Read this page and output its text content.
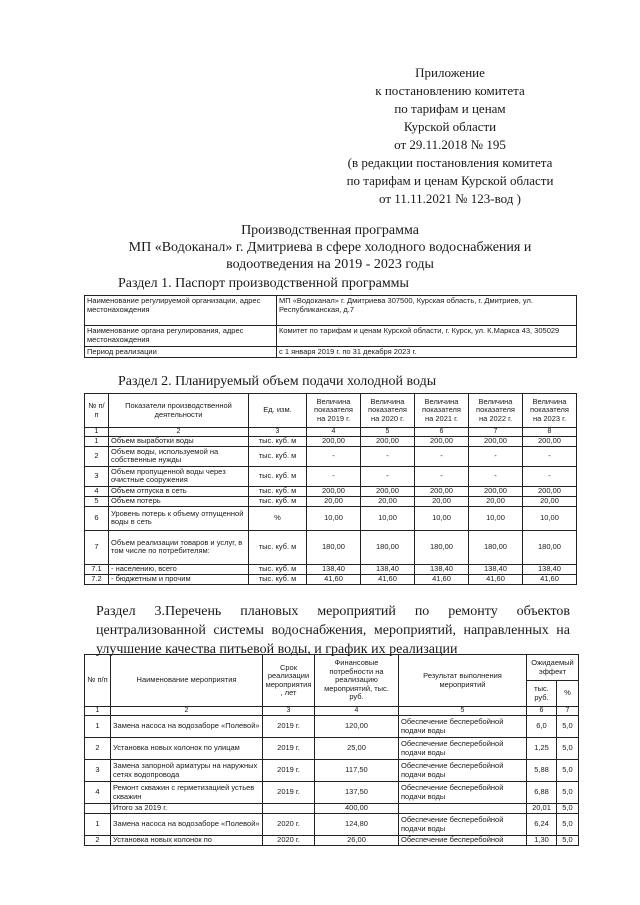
Приложение
к постановлению комитета
по тарифам и ценам
Курской области
от 29.11.2018 № 195
(в редакции постановления комитета
по тарифам и ценам Курской области
от 11.11.2021 № 123-вод )
Производственная программа
МП «Водоканал» г. Дмитриева в сфере холодного водоснабжения и
водоотведения на 2019 - 2023 годы
Раздел 1. Паспорт производственной программы
Наименование регулируемой организации, адрес местонахождения	МП «Водоканал» г. Дмитриева 307500, Курская область, г. Дмитриев, ул. Республиканская, д.7
Наименование органа регулирования, адрес местонахождения	Комитет по тарифам и ценам Курской области, г. Курск, ул. К.Маркса 43, 305029
Период реализации	с 1 января 2019 г. по 31 декабря 2023 г.
Раздел 2. Планируемый объем подачи холодной воды
№ п/п	Показатели производственной деятельности	Ед. изм.	Величина показателя на 2019 г.	Величина показателя на 2020 г.	Величина показателя на 2021 г.	Величина показателя на 2022 г.	Величина показателя на 2023 г.
1	2	3	4	5	6	7	8
1	Объем выработки воды	тыс. куб. м	200,00	200,00	200,00	200,00	200,00
2	Объем воды, используемой на собственные нужды	тыс. куб. м	-	-	-	-	-
3	Объем пропущенной воды через очистные сооружения	тыс. куб. м	-	-	-	-	-
4	Объем отпуска в сеть	тыс. куб. м	200,00	200,00	200,00	200,00	200,00
5	Объем потерь	тыс. куб. м	20,00	20,00	20,00	20,00	20,00
6	Уровень потерь к объему отпущенной воды в сеть	%	10,00	10,00	10,00	10,00	10,00
7	Объем реализации товаров и услуг, в том числе по потребителям:	тыс. куб. м	180,00	180,00	180,00	180,00	180,00
7.1	- населению, всего	тыс. куб. м	138,40	138,40	138,40	138,40	138,40
7.2	- бюджетным и прочим	тыс. куб. м	41,60	41,60	41,60	41,60	41,60
Раздел 3.Перечень плановых мероприятий по ремонту объектов централизованной системы водоснабжения, мероприятий, направленных на улучшение качества питьевой воды, и график их реализации
№ п/п	Наименование мероприятия	Срок реализации мероприятия , лет	Финансовые потребности на реализацию мероприятий, тыс. руб.	Результат выполнения мероприятий	Ожидаемый эффект	
					тыс. руб.	%
1	2	3	4	5	6	7
1	Замена насоса на водозаборе «Полевой»	2019 г.	120,00	Обеспечение бесперебойной подачи воды	6,0	5,0
2	Установка новых колонок по улицам	2019 г.	25,00	Обеспечение бесперебойной подачи воды	1,25	5,0
3	Замена запорной арматуры на наружных сетях водопровода	2019 г.	117,50	Обеспечение бесперебойной подачи воды	5,88	5,0
4	Ремонт скважин с герметизацией устьев скважин	2019 г.	137,50	Обеспечение бесперебойной подачи воды	6,88	5,0
	Итого за 2019 г.		400,00		20,01	5,0
1	Замена насоса на водозаборе «Полевой»	2020 г.	124,80	Обеспечение бесперебойной подачи воды	6,24	5,0
2	Установка новых колонок по	2020 г.	26,00	Обеспечение бесперебойной	1,30	5,0
